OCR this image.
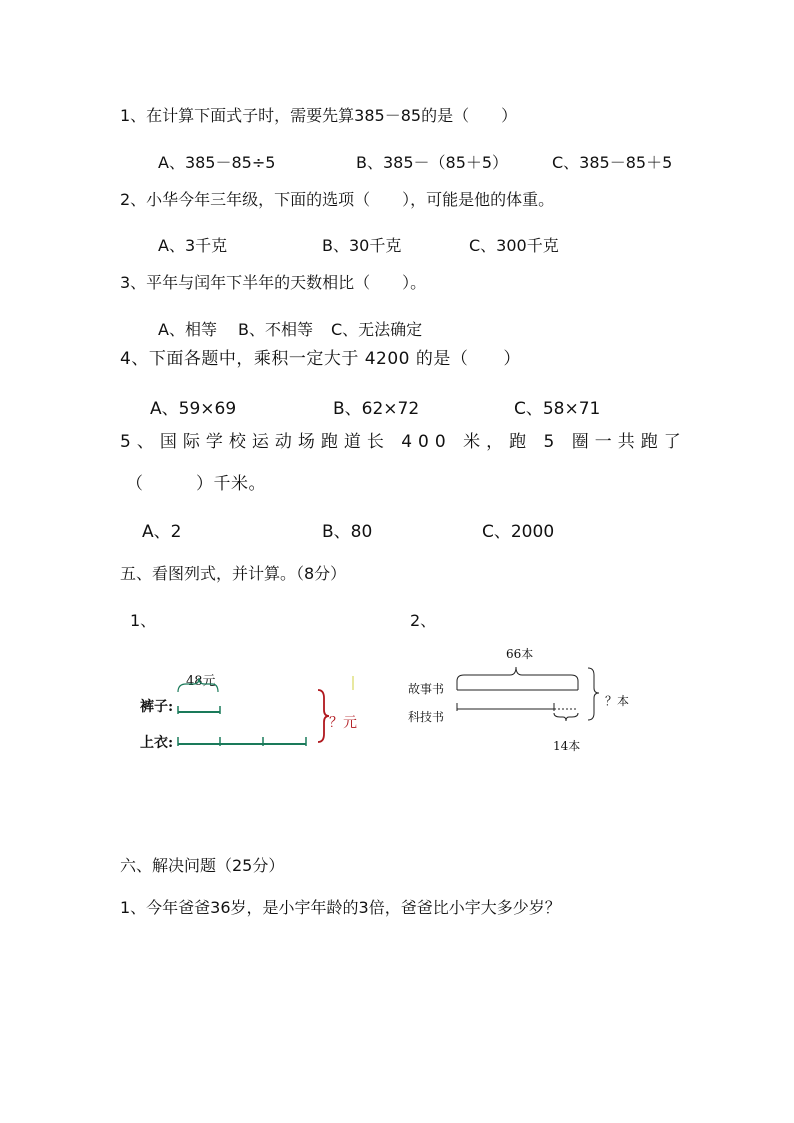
1、在计算下面式子时，需要先算385－85的是（　　）
A、385－85÷5	B、385－（85＋5）	C、385－85＋5
2、小华今年三年级，下面的选项（　　），可能是他的体重。
A、3千克	B、30千克	C、300千克
3、平年与闰年下半年的天数相比（　　）。
A、相等 B、不相等 C、无法确定
4、下面各题中，乘积一定大于 4200 的是（　　）
A、59×69	B、62×72	C、58×71
5、国际学校运动场跑道长 400 米，跑 5 圈一共跑了
（　　　）千米。
A、2	B、80	C、2000
五、看图列式，并计算。（8分）
1、	2、
48元
裤子:
上衣:
？元
66本
故事书
科技书
14本
？本
六、解决问题（25分）
1、今年爸爸36岁，是小宇年龄的3倍，爸爸比小宇大多少岁？
